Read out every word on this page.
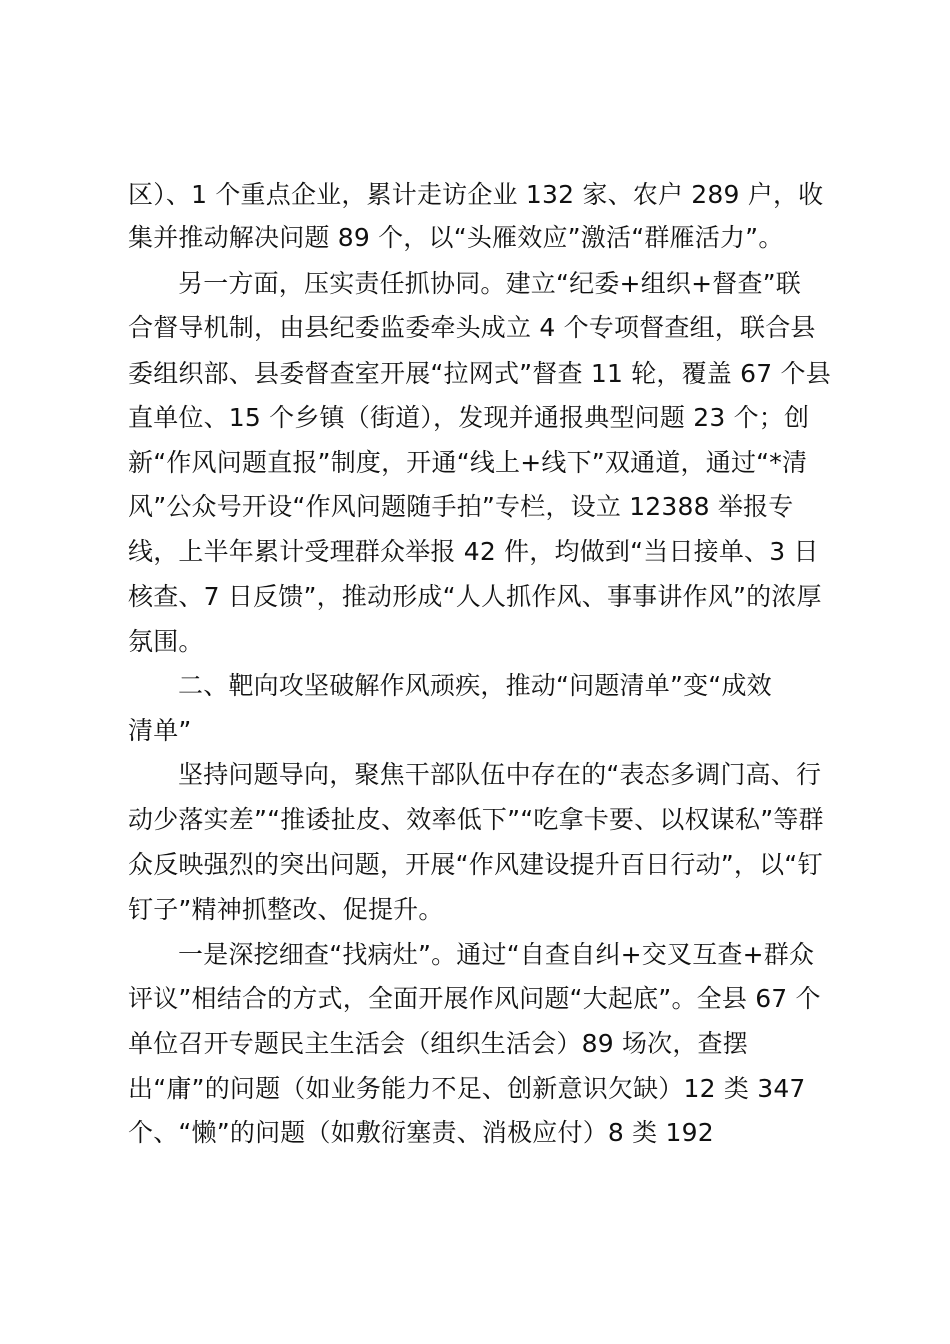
区）、1 个重点企业，累计走访企业 132 家、农户 289 户，收
集并推动解决问题 89 个，以“头雁效应”激活“群雁活力”。
另一方面，压实责任抓协同。建立“纪委+组织+督查”联
合督导机制，由县纪委监委牵头成立 4 个专项督查组，联合县
委组织部、县委督查室开展“拉网式”督查 11 轮，覆盖 67 个县
直单位、15 个乡镇（街道），发现并通报典型问题 23 个；创
新“作风问题直报”制度，开通“线上+线下”双通道，通过“*清
风”公众号开设“作风问题随手拍”专栏，设立 12388 举报专
线，上半年累计受理群众举报 42 件，均做到“当日接单、3 日
核查、7 日反馈”，推动形成“人人抓作风、事事讲作风”的浓厚
氛围。
二、靶向攻坚破解作风顽疾，推动“问题清单”变“成效
清单”
坚持问题导向，聚焦干部队伍中存在的“表态多调门高、行
动少落实差”“推诿扯皮、效率低下”“吃拿卡要、以权谋私”等群
众反映强烈的突出问题，开展“作风建设提升百日行动”，以“钉
钉子”精神抓整改、促提升。
一是深挖细查“找病灶”。通过“自查自纠+交叉互查+群众
评议”相结合的方式，全面开展作风问题“大起底”。全县 67 个
单位召开专题民主生活会（组织生活会）89 场次，查摆
出“庸”的问题（如业务能力不足、创新意识欠缺）12 类 347
个、“懒”的问题（如敷衍塞责、消极应付）8 类 192
